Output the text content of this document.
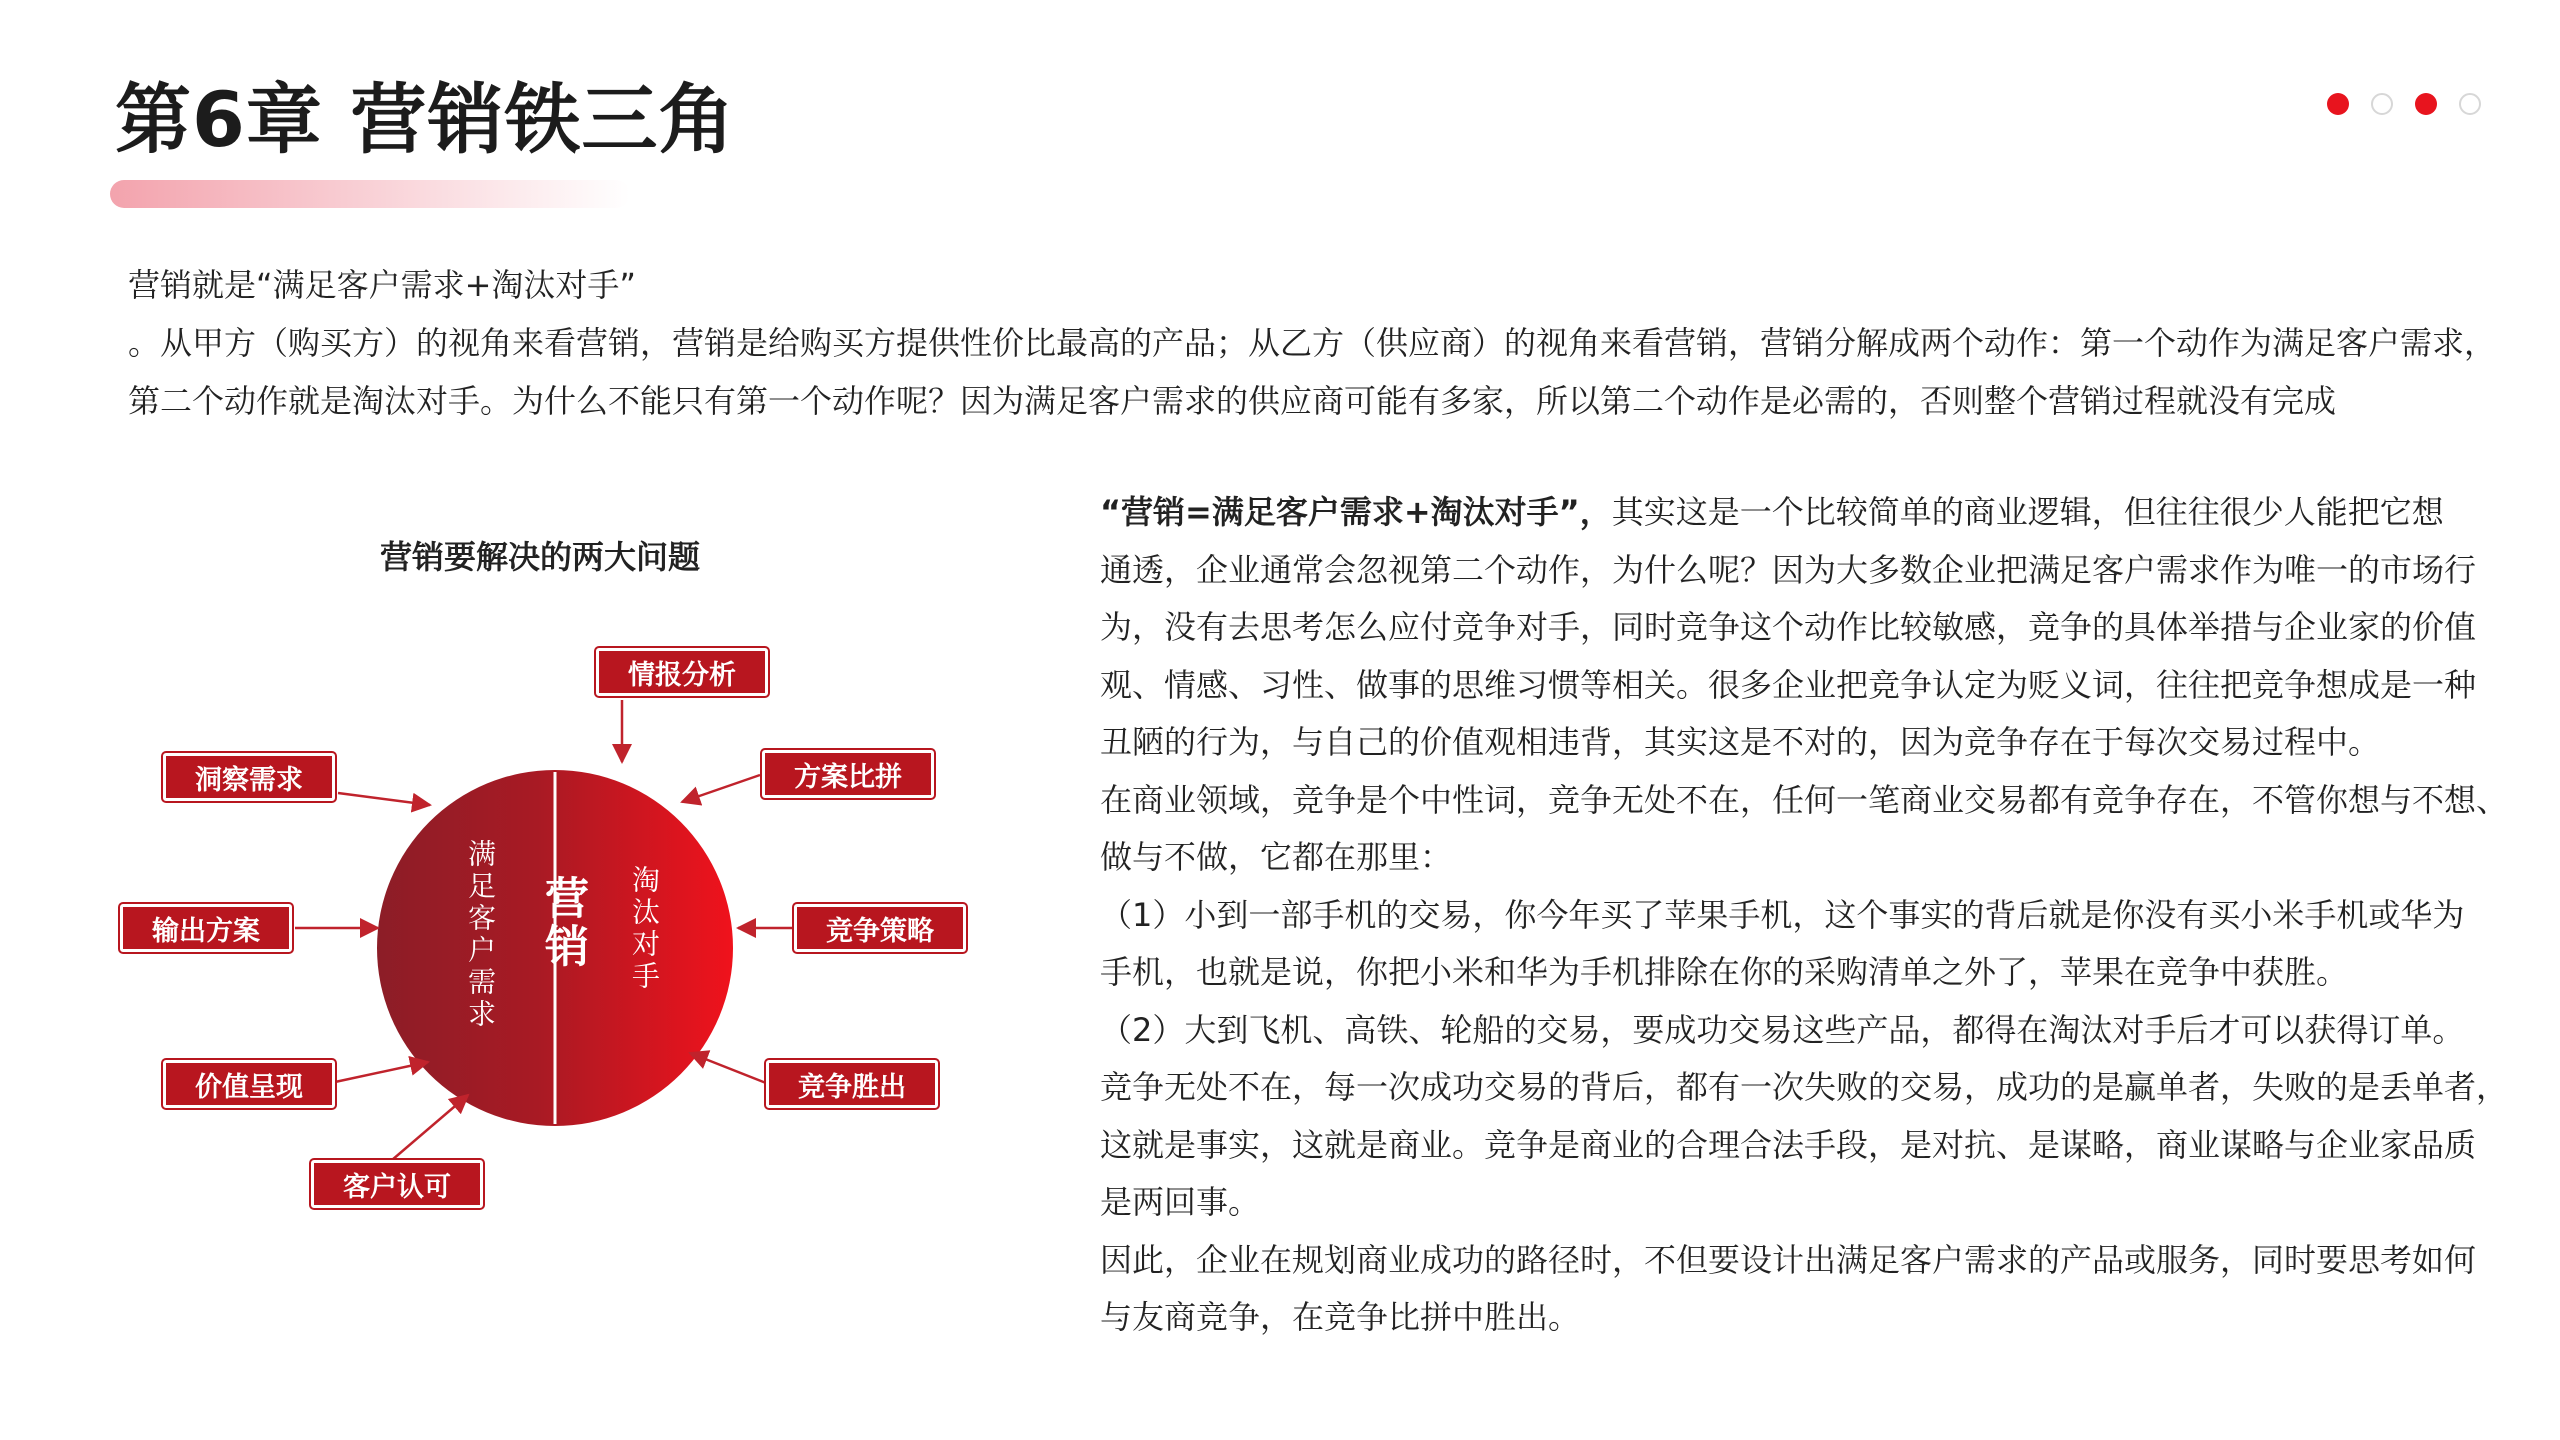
第6章 营销铁三角

营销就是“满足客户需求+淘汰对手”

。从甲方（购买方）的视角来看营销，营销是给购买方提供性价比最高的产品；从乙方（供应商）的视角来看营销，营销分解成两个动作：第一个动作为满足客户需求，

第二个动作就是淘汰对手。为什么不能只有第一个动作呢？因为满足客户需求的供应商可能有多家，所以第二个动作是必需的，否则整个营销过程就没有完成

营销要解决的两大问题
情报分析
洞察需求
输出方案
价值呈现
客户认可
方案比拼
竞争策略
竞争胜出
满足客户需求 营销 淘汰对手

“营销=满足客户需求+淘汰对手”，其实这是一个比较简单的商业逻辑，但往往很少人能把它想

通透，企业通常会忽视第二个动作，为什么呢？因为大多数企业把满足客户需求作为唯一的市场行

为，没有去思考怎么应付竞争对手，同时竞争这个动作比较敏感，竞争的具体举措与企业家的价值

观、情感、习性、做事的思维习惯等相关。很多企业把竞争认定为贬义词，往往把竞争想成是一种

丑陋的行为，与自己的价值观相违背，其实这是不对的，因为竞争存在于每次交易过程中。

在商业领域，竞争是个中性词，竞争无处不在，任何一笔商业交易都有竞争存在，不管你想与不想、

做与不做，它都在那里：

（1）小到一部手机的交易，你今年买了苹果手机，这个事实的背后就是你没有买小米手机或华为

手机，也就是说，你把小米和华为手机排除在你的采购清单之外了，苹果在竞争中获胜。

（2）大到飞机、高铁、轮船的交易，要成功交易这些产品，都得在淘汰对手后才可以获得订单。

竞争无处不在，每一次成功交易的背后，都有一次失败的交易，成功的是赢单者，失败的是丢单者，

这就是事实，这就是商业。竞争是商业的合理合法手段，是对抗、是谋略，商业谋略与企业家品质

是两回事。

因此，企业在规划商业成功的路径时，不但要设计出满足客户需求的产品或服务，同时要思考如何

与友商竞争，在竞争比拼中胜出。
